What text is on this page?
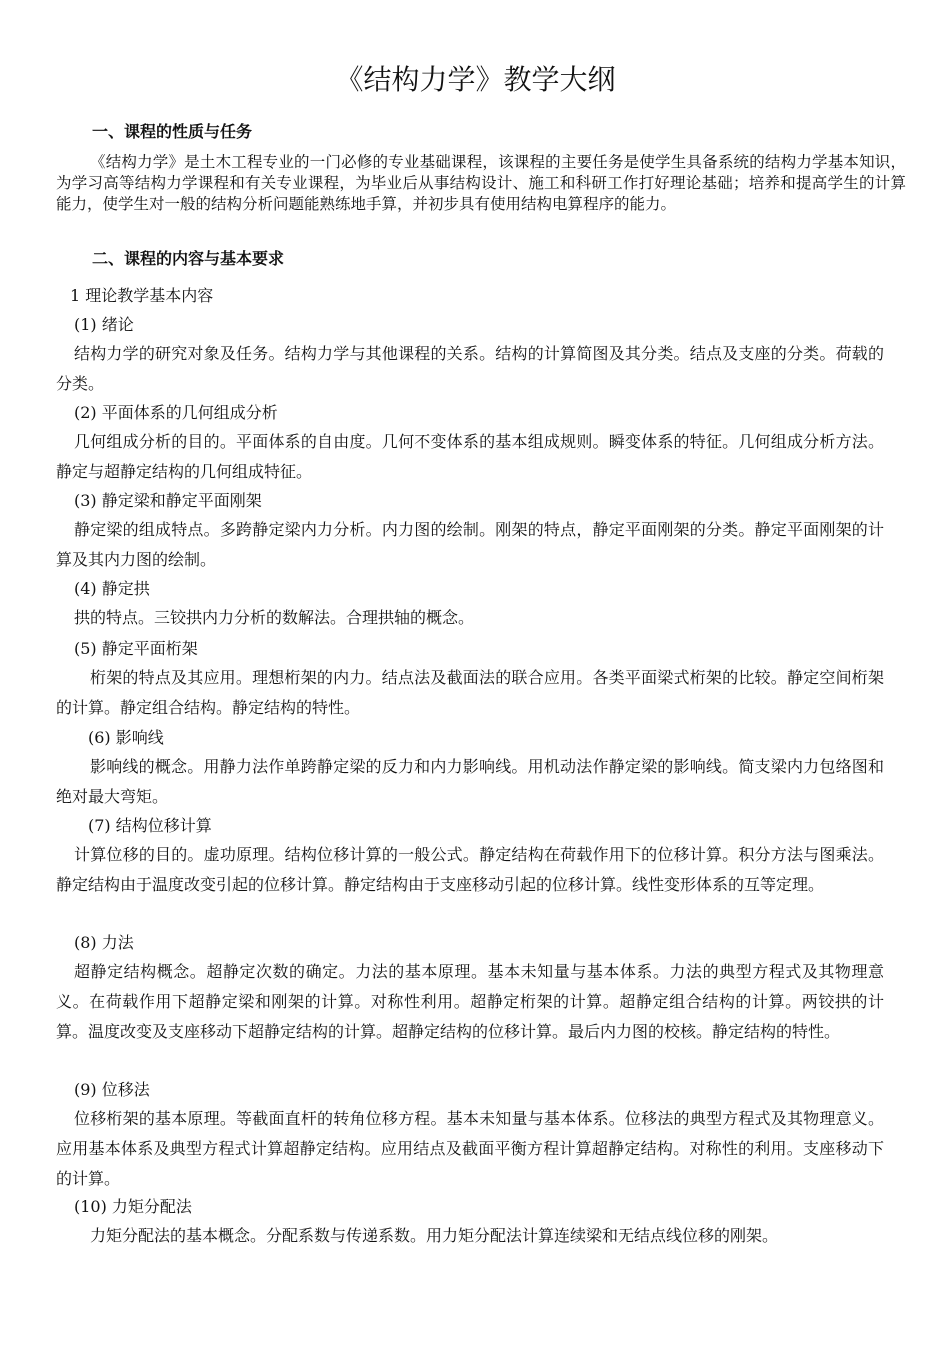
《结构力学》教学大纲
一、课程的性质与任务
《结构力学》是土木工程专业的一门必修的专业基础课程，该课程的主要任务是使学生具备系统的结构力学基本知识，为学习高等结构力学课程和有关专业课程，为毕业后从事结构设计、施工和科研工作打好理论基础；培养和提高学生的计算能力，使学生对一般的结构分析问题能熟练地手算，并初步具有使用结构电算程序的能力。
二、课程的内容与基本要求
1 理论教学基本内容
(1) 绪论
结构力学的研究对象及任务。结构力学与其他课程的关系。结构的计算简图及其分类。结点及支座的分类。荷载的分类。
(2) 平面体系的几何组成分析
几何组成分析的目的。平面体系的自由度。几何不变体系的基本组成规则。瞬变体系的特征。几何组成分析方法。静定与超静定结构的几何组成特征。
(3) 静定梁和静定平面刚架
静定梁的组成特点。多跨静定梁内力分析。内力图的绘制。刚架的特点，静定平面刚架的分类。静定平面刚架的计算及其内力图的绘制。
(4) 静定拱
拱的特点。三铰拱内力分析的数解法。合理拱轴的概念。
(5) 静定平面桁架
桁架的特点及其应用。理想桁架的内力。结点法及截面法的联合应用。各类平面梁式桁架的比较。静定空间桁架的计算。静定组合结构。静定结构的特性。
(6) 影响线
影响线的概念。用静力法作单跨静定梁的反力和内力影响线。用机动法作静定梁的影响线。简支梁内力包络图和绝对最大弯矩。
(7) 结构位移计算
计算位移的目的。虚功原理。结构位移计算的一般公式。静定结构在荷载作用下的位移计算。积分方法与图乘法。静定结构由于温度改变引起的位移计算。静定结构由于支座移动引起的位移计算。线性变形体系的互等定理。
(8) 力法
超静定结构概念。超静定次数的确定。力法的基本原理。基本未知量与基本体系。力法的典型方程式及其物理意义。在荷载作用下超静定梁和刚架的计算。对称性利用。超静定桁架的计算。超静定组合结构的计算。两铰拱的计算。温度改变及支座移动下超静定结构的计算。超静定结构的位移计算。最后内力图的校核。静定结构的特性。
(9) 位移法
位移桁架的基本原理。等截面直杆的转角位移方程。基本未知量与基本体系。位移法的典型方程式及其物理意义。应用基本体系及典型方程式计算超静定结构。应用结点及截面平衡方程计算超静定结构。对称性的利用。支座移动下的计算。
(10) 力矩分配法
力矩分配法的基本概念。分配系数与传递系数。用力矩分配法计算连续梁和无结点线位移的刚架。
